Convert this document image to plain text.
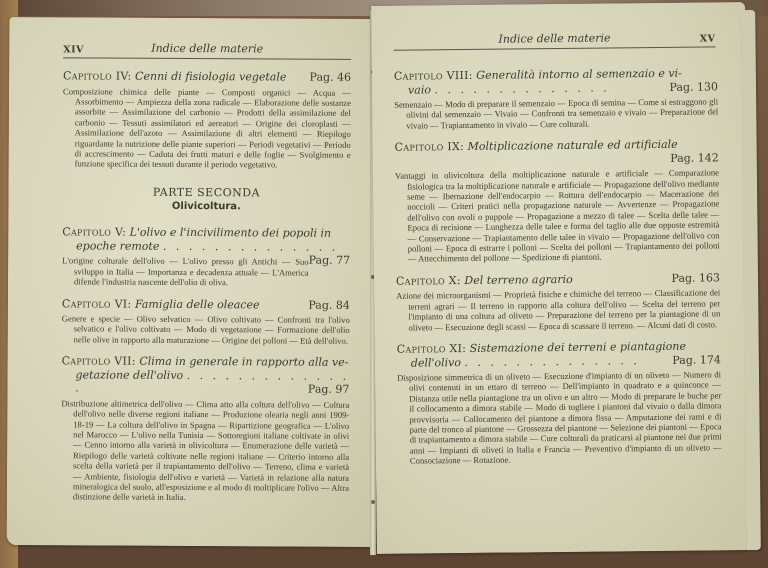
XIV	Indice delle materie
Capitolo IV: Cenni di fisiologia vegetale Pag. 46

Composizione chimica delle piante — Composti organici — Acqua — Assorbimento — Ampiezza della zona radicale — Elaborazione delle sostanze assorbite — Assimilazione del carbonio — Prodotti della assimilazione del carbonio — Tessuti assimilatori ed aereatori — Origine dei cloroplasti — Assimilazione dell'azoto — Assimilazione di altri elementi — Riepilogo riguardante la nutrizione delle piante superiori — Periodi vegetativi — Periodo di accrescimento — Caduta dei frutti maturi e delle foglie — Svolgimento e funzione specifica dei tessuti durante il periodo vegetativo.

PARTE SECONDA
Olivicoltura.
Capitolo V: L'olivo e l'incivilimento dei popoli in
epoche remote . . . . . . . . . . . . . .
Pag. 77

L'origine colturale dell'olivo — L'olivo presso gli Antichi — Suo sviluppo in Italia — Importanza e decadenza attuale — L'America difende l'industria nascente dell'olio di oliva.

Capitolo VI: Famiglia delle oleacee	Pag. 84

Genere e specie — Olivo selvatico — Olivo coltivato — Confronti tra l'olivo selvatico e l'olivo coltivato — Modo di vegetazione — Formazione dell'olio nelle olive in rapporto alla maturazione — Origine dei polloni — Età dell'olivo.

Capitolo VII: Clima in generale in rapporto alla ve-
getazione dell'olivo . . . . . . . . . . . . . .	Pag. 97

Distribuzione altimetrica dell'olivo — Clima atto alla coltura dell'olivo — Coltura dell'olivo nelle diverse regioni italiane — Produzione olearia negli anni 1909-18-19 — La coltura dell'olivo in Spagna — Ripartizione geografica — L'olivo nel Marocco — L'olivo nella Tunisia — Sottoregioni italiane coltivate in olivi — Cenno intorno alla varietà in olivicoltura — Enumerazione delle varietà — Riepilogo delle varietà coltivate nelle regioni italiane — Criterio intorno alla scelta della varietà per il trapiantamento dell'olivo — Terreno, clima e varietà — Ambiente, fisiologia dell'olivo e varietà — Varietà in relazione alla natura mineralogica del suolo, all'esposizione e al modo di moltiplicare l'olivo — Altra distinzione delle varietà in Italia.

Indice delle materie	XV
Capitolo VIII: Generalità intorno al semenzaio e vi-
vaio . . . . . . . . . . . . . .	Pag. 130

Semenzaio — Modo di preparare il semenzaio — Epoca di semina — Come si estraggono gli olivini dal semenzaio — Vivaio — Confronti tra semenzaio e vivaio — Preparazione del vivaio — Trapiantamento in vivaio — Cure colturali.

Capitolo IX: Moltiplicazione naturale ed artificiale
Pag. 142

Vantaggi in olivicoltura della moltiplicazione naturale e artificiale — Comparazione fisiologica tra la moltiplicazione naturale e artificiale — Propagazione dell'olivo mediante seme — Ibernazione dell'endocarpio — Rottura dell'endocarpio — Macerazione dei noccioli — Criteri pratici nella propagazione naturale — Avvertenze — Propagazione dell'olivo con ovoli o puppole — Propagazione a mezzo di talee — Scelta delle talee — Epoca di recisione — Lunghezza delle talee e forma del taglio alle due opposte estremità — Conservazione — Trapiantamento delle talee in vivaio — Propagazione dell'olivo con polloni — Epoca di estrarre i polloni — Scelta dei polloni — Trapiantamento dei polloni — Attecchimento del pollone — Spedizione di piantoni.

Capitolo X: Del terreno agrario	Pag. 163

Azione dei microorganismi — Proprietà fisiche e chimiche del terreno — Classificazione dei terreni agrari — Il terreno in rapporto alla coltura dell'olivo — Scelta del terreno per l'impianto di una coltura ad oliveto — Preparazione del terreno per la piantagione di un oliveto — Esecuzione degli scassi — Epoca di scassare il terreno. — Alcuni dati di costo.

Capitolo XI: Sistemazione dei terreni e piantagione
dell'olivo . . . . . . . . . . . . . .	Pag. 174

Disposizione simmetrica di un oliveto — Esecuzione d'impianto di un oliveto — Numero di olivi contenuti in un ettaro di terreno — Dell'impianto in quadrato e a quinconce — Distanza utile nella piantagione tra un olivo e un altro — Modo di preparare le buche per il collocamento a dimora stabile — Modo di togliere i piantoni dal vivaio o dalla dimora provvisoria — Collocamento del piantone a dimora fissa — Amputazione dei rami e di parte del tronco al piantone — Grossezza del piantone — Selezione dei piantoni — Epoca di trapiantamento a dimora stabile — Cure colturali da praticarsi al piantone nei due primi anni — Impianti di oliveti in Italia e Francia — Preventivo d'impianto di un oliveto — Consociazione — Rotazione.
